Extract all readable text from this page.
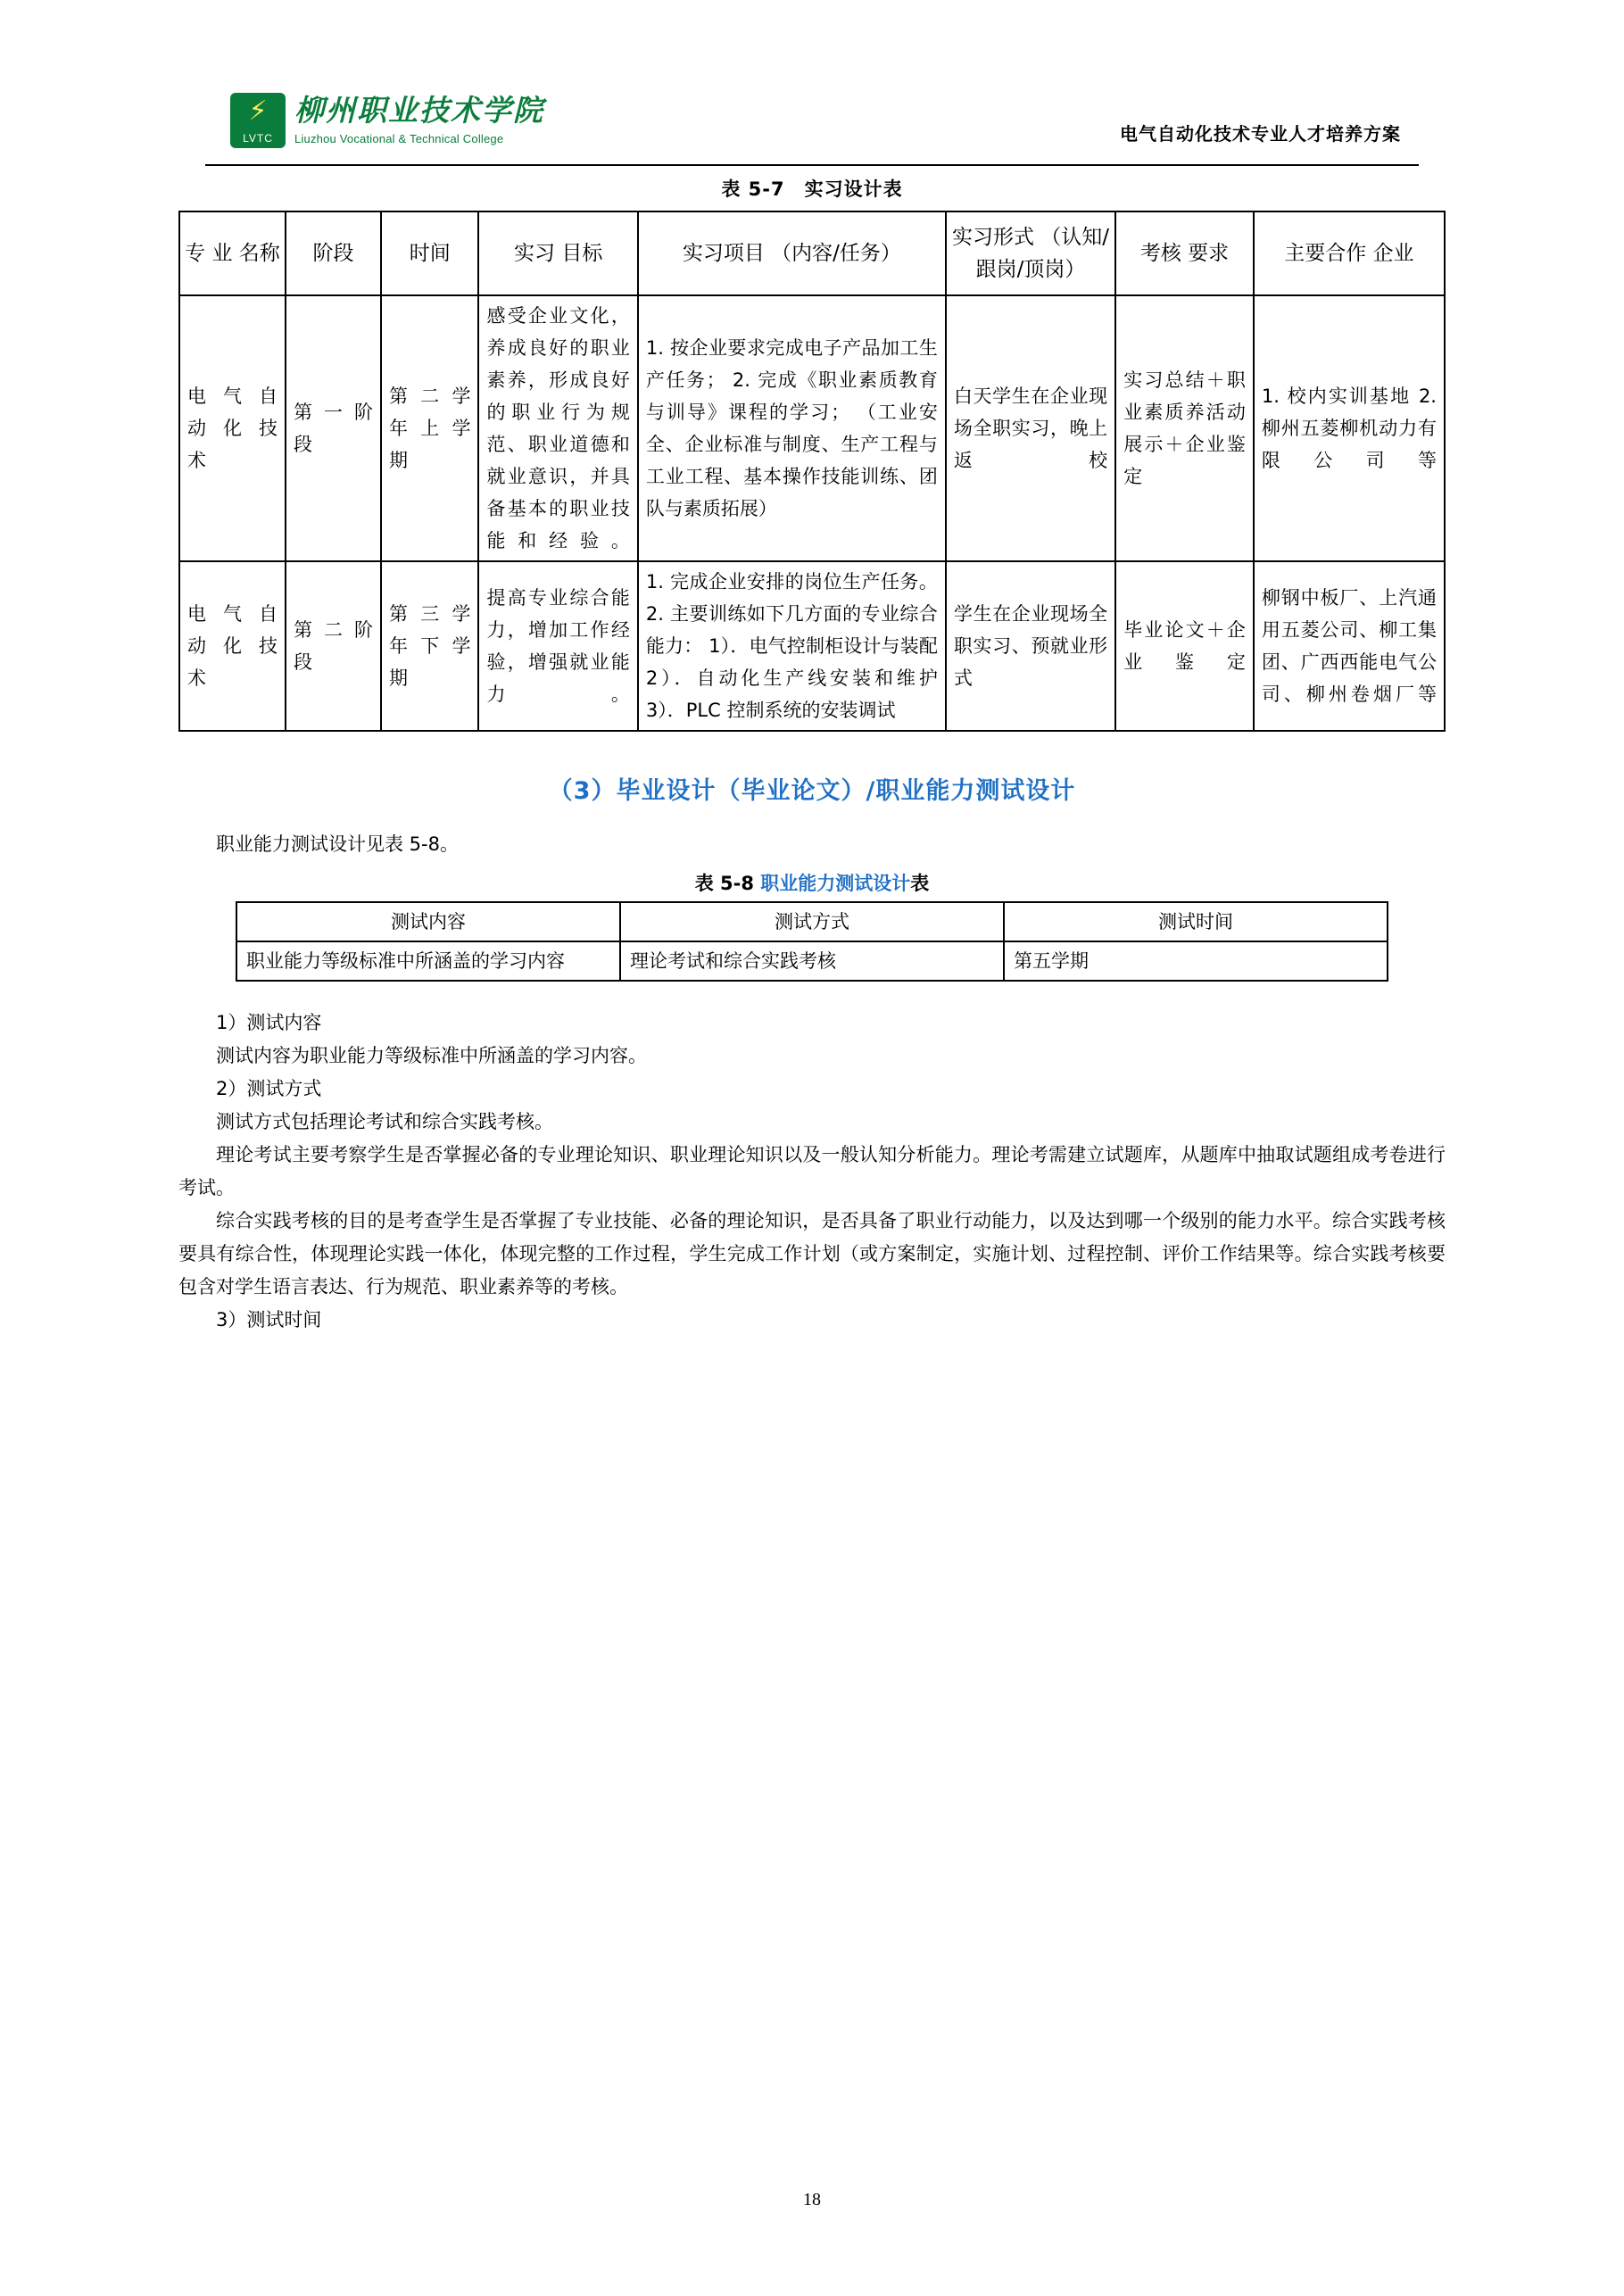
⚡
LVTC
柳州职业技术学院
Liuzhou Vocational & Technical College	电气自动化技术专业人才培养方案
表 5-7 实习设计表
专 业 名称	阶段	时间	实习 目标	实习项目 （内容/任务）	实习形式 （认知/跟岗/顶岗）	考核 要求	主要合作 企业
电 气 自 动 化 技 术	第 一 阶段	第 二 学 年 上 学 期	感受企业文化，养成良好的职业素养，形成良好的职业行为规范、职业道德和就业意识，并具备基本的职业技能和经验。	1. 按企业要求完成电子产品加工生产任务； 2. 完成《职业素质教育与训导》课程的学习； （工业安全、企业标准与制度、生产工程与工业工程、基本操作技能训练、团队与素质拓展）	白天学生在企业现场全职实习，晚上返校	实习总结＋职业素质养活动展示＋企业鉴定	1. 校内实训基地 2. 柳州五菱柳机动力有限公司等
电 气 自 动 化 技 术	第 二 阶段	第 三 学 年 下 学 期	提高专业综合能力，增加工作经验，增强就业能力 。	1. 完成企业安排的岗位生产任务。 2. 主要训练如下几方面的专业综合能力： 1）．电气控制柜设计与装配 2）．自动化生产线安装和维护 3）．PLC 控制系统的安装调试	学生在企业现场全职实习、预就业形式	毕业论文＋企业鉴定	柳钢中板厂、上汽通用五菱公司、柳工集团、广西西能电气公司、柳州卷烟厂等
（3）毕业设计（毕业论文）/职业能力测试设计

职业能力测试设计见表 5-8。

表 5-8 职业能力测试设计表
测试内容	测试方式	测试时间
职业能力等级标准中所涵盖的学习内容	理论考试和综合实践考核	第五学期

1）测试内容

测试内容为职业能力等级标准中所涵盖的学习内容。

2）测试方式

测试方式包括理论考试和综合实践考核。

理论考试主要考察学生是否掌握必备的专业理论知识、职业理论知识以及一般认知分析能力。理论考需建立试题库，从题库中抽取试题组成考卷进行考试。

综合实践考核的目的是考查学生是否掌握了专业技能、必备的理论知识，是否具备了职业行动能力，以及达到哪一个级别的能力水平。综合实践考核要具有综合性，体现理论实践一体化，体现完整的工作过程，学生完成工作计划（或方案制定，实施计划、过程控制、评价工作结果等。综合实践考核要包含对学生语言表达、行为规范、职业素养等的考核。

3）测试时间

18
